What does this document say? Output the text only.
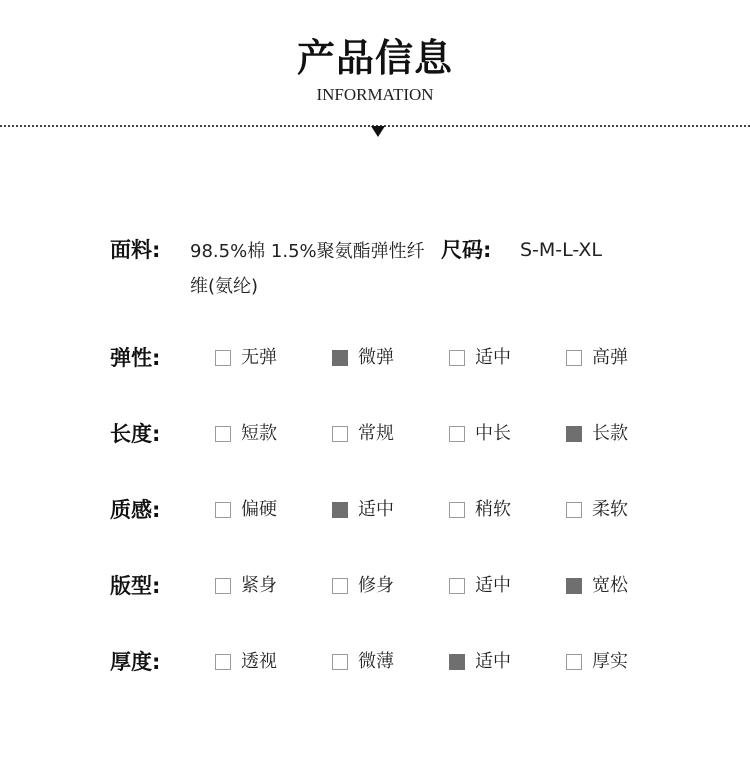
产品信息
INFORMATION
面料: 98.5%棉 1.5%聚氨酯弹性纤维(氨纶)
尺码: S-M-L-XL
弹性:	无弹	微弹	适中	高弹
长度:	短款	常规	中长	长款
质感:	偏硬	适中	稍软	柔软
版型:	紧身	修身	适中	宽松
厚度:	透视	微薄	适中	厚实
